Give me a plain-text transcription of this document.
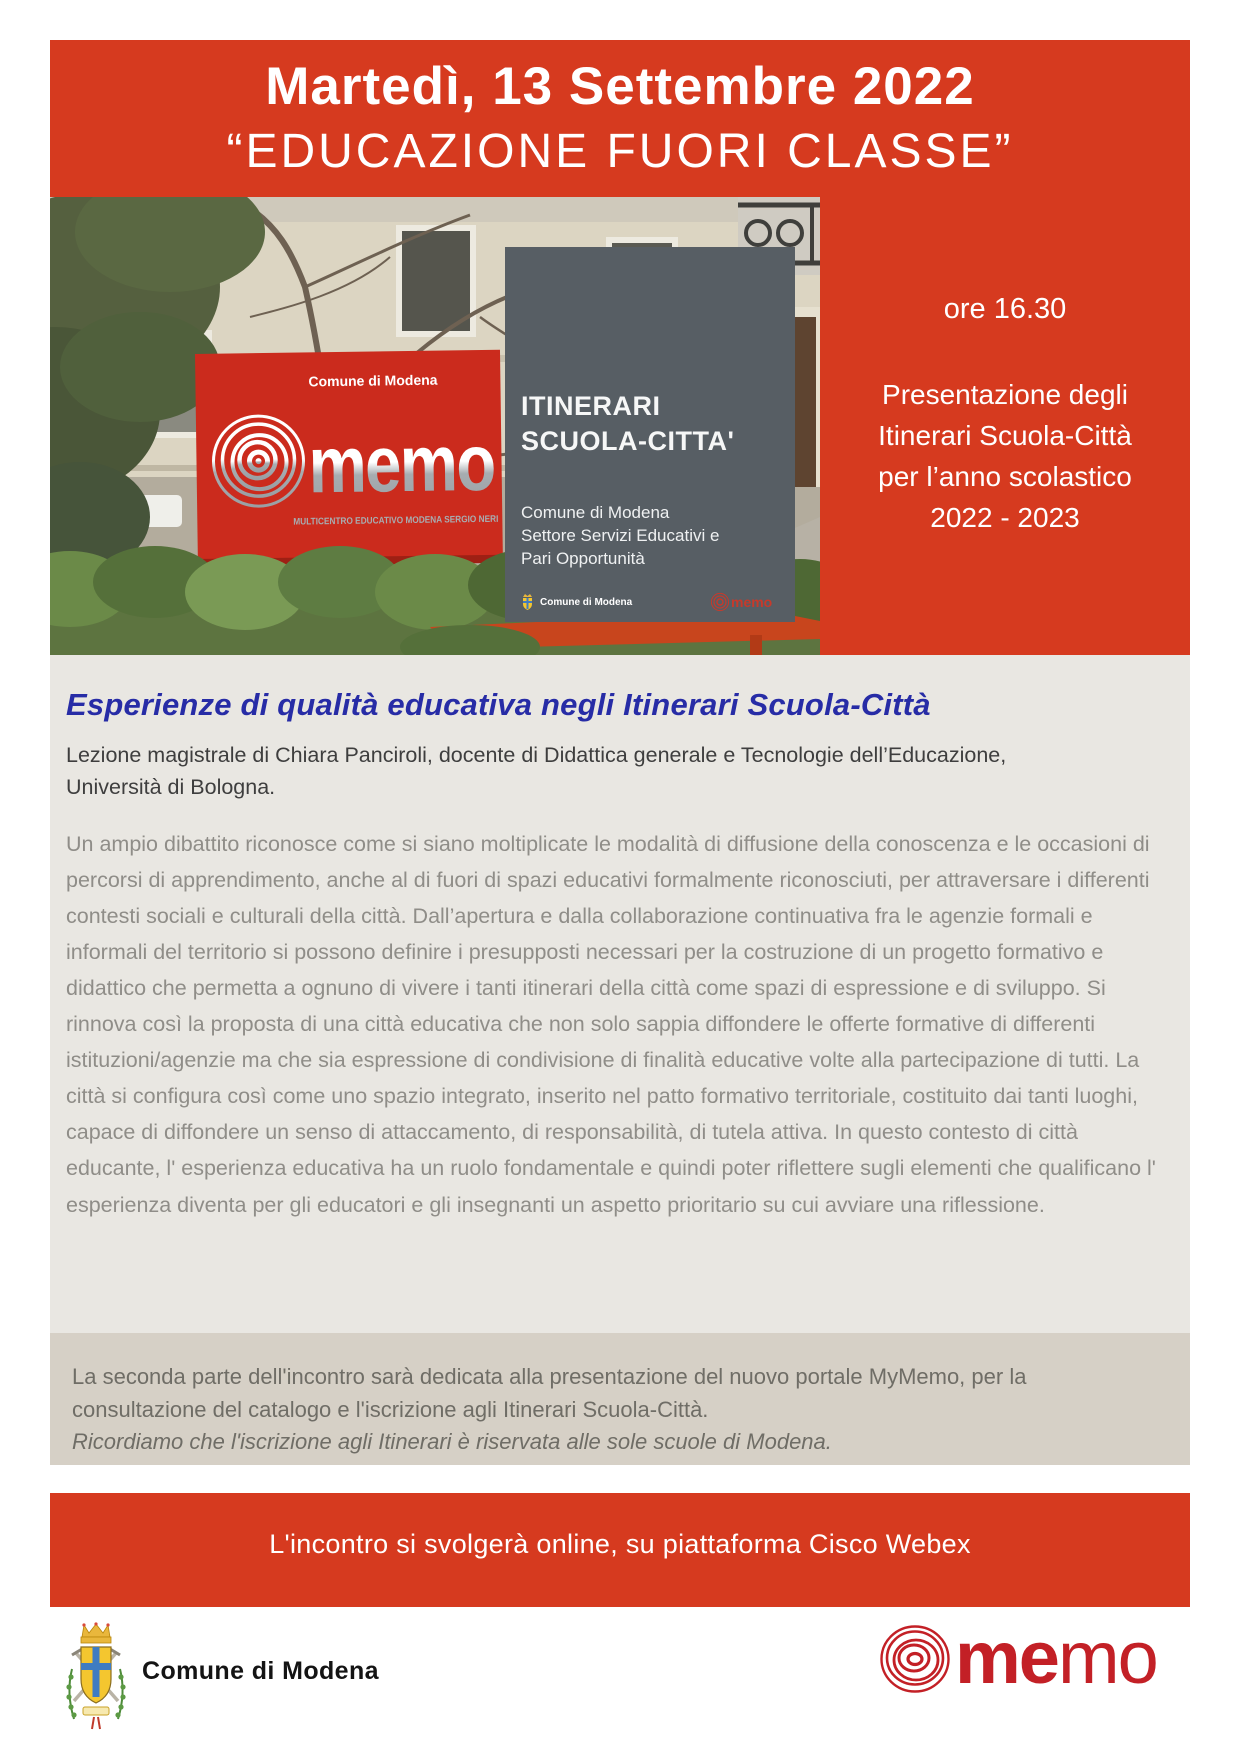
Martedì, 13 Settembre 2022
“EDUCAZIONE FUORI CLASSE”
Comune di Modena
memo
MULTICENTRO EDUCATIVO MODENA SERGIO NERI
ITINERARI
SCUOLA-CITTA'
Comune di Modena
Settore Servizi Educativi e
Pari Opportunità
Comune di Modena	memo
ore 16.30
Presentazione degli
Itinerari Scuola-Città
per l’anno scolastico
2022 - 2023
Esperienze di qualità educativa negli Itinerari Scuola-Città

Lezione magistrale di Chiara Panciroli, docente di Didattica generale e Tecnologie dell’Educazione, Università di Bologna.

Un ampio dibattito riconosce come si siano moltiplicate le modalità di diffusione della conoscenza e le occasioni di percorsi di apprendimento, anche al di fuori di spazi educativi formalmente riconosciuti, per attraversare i differenti contesti sociali e culturali della città. Dall’apertura e dalla collaborazione continuativa fra le agenzie formali e informali del territorio si possono definire i presupposti necessari per la costruzione di un progetto formativo e didattico che permetta a ognuno di vivere i tanti itinerari della città come spazi di espressione e di sviluppo. Si rinnova così la proposta di una città educativa che non solo sappia diffondere le offerte formative di differenti istituzioni/agenzie ma che sia espressione di condivisione di finalità educative volte alla partecipazione di tutti. La città si configura così come uno spazio integrato, inserito nel patto formativo territoriale, costituito dai tanti luoghi, capace di diffondere un senso di attaccamento, di responsabilità, di tutela attiva. In questo contesto di città educante, l' esperienza educativa ha un ruolo fondamentale e quindi poter riflettere sugli elementi che qualificano l' esperienza diventa per gli educatori e gli insegnanti un aspetto prioritario su cui avviare una riflessione.

La seconda parte dell'incontro sarà dedicata alla presentazione del nuovo portale MyMemo, per la consultazione del catalogo e l'iscrizione agli Itinerari Scuola-Città.

Ricordiamo che l'iscrizione agli Itinerari è riservata alle sole scuole di Modena.

L'incontro si svolgerà online, su piattaforma Cisco Webex
Comune di Modena	memo
